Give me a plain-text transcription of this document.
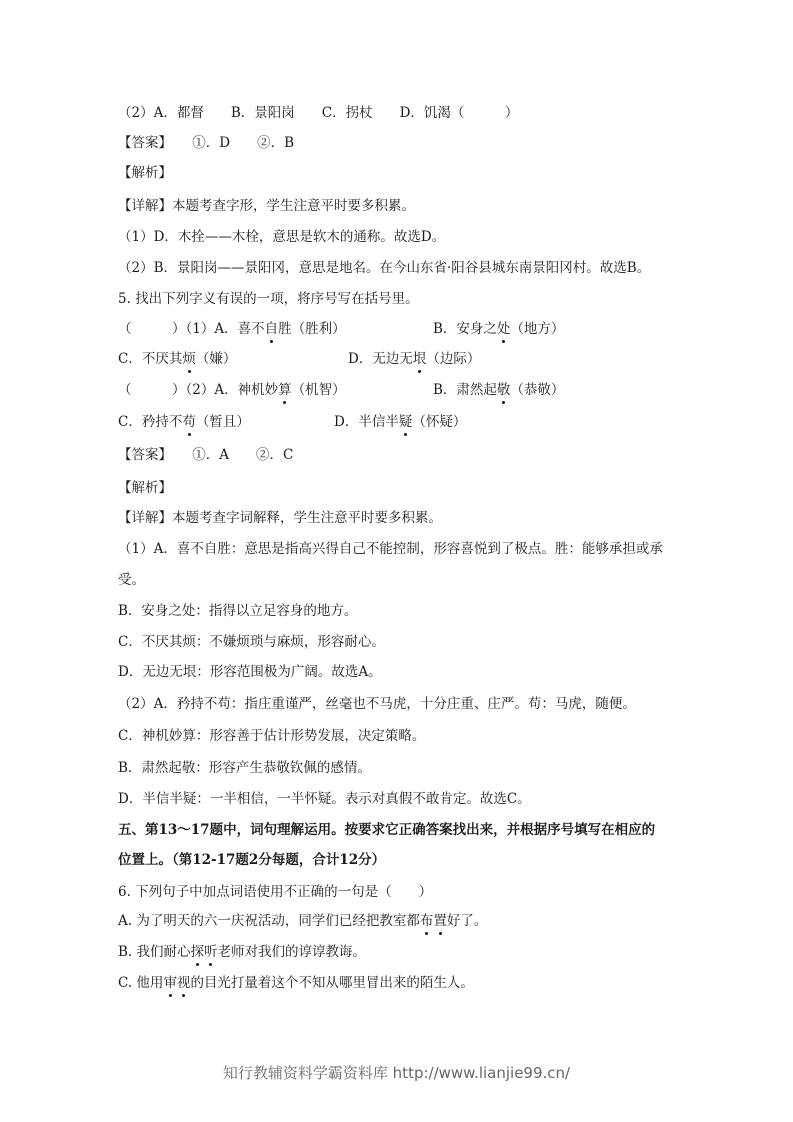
（2）A．都督　　B．景阳岗　　C．拐杖　　D．饥渴（　　　）
【答案】　　①．D　　②．B
【解析】
【详解】本题考查字形，学生注意平时要多积累。
（1）D．木拴——木栓，意思是软木的通称。故选D。
（2）B．景阳岗——景阳冈，意思是地名。在今山东省·阳谷县城东南景阳冈村。故选B。
5. 找出下列字义有误的一项，将序号写在括号里。
（　　　）（1）A．喜不自胜（胜利）	B．安身之处（地方）
C．不厌其烦（嫌）	D．无边无垠（边际）
（　　　）（2）A．神机妙算（机智）	B．肃然起敬（恭敬）
C．矜持不苟（暂且）	D．半信半疑（怀疑）
【答案】　　①．A　　②．C
【解析】
【详解】本题考查字词解释，学生注意平时要多积累。
（1）A．喜不自胜：意思是指高兴得自己不能控制，形容喜悦到了极点。胜：能够承担或承
受。
B．安身之处：指得以立足容身的地方。
C．不厌其烦：不嫌烦琐与麻烦，形容耐心。
D．无边无垠：形容范围极为广阔。故选A。
（2）A．矜持不苟：指庄重谨严，丝毫也不马虎，十分庄重、庄严。苟：马虎，随便。
C．神机妙算：形容善于估计形势发展，决定策略。
B．肃然起敬：形容产生恭敬钦佩的感情。
D．半信半疑：一半相信，一半怀疑。表示对真假不敢肯定。故选C。
五、第13～17题中，词句理解运用。按要求它正确答案找出来，并根据序号填写在相应的
位置上。（第12-17题2分每题，合计12分）
6. 下列句子中加点词语使用不正确的一句是（　　）
A. 为了明天的六一庆祝活动，同学们已经把教室都布置好了。
B. 我们耐心探听老师对我们的谆谆教诲。
C. 他用审视的目光打量着这个不知从哪里冒出来的陌生人。
知行教辅资料学霸资料库 http://www.lianjie99.cn/
